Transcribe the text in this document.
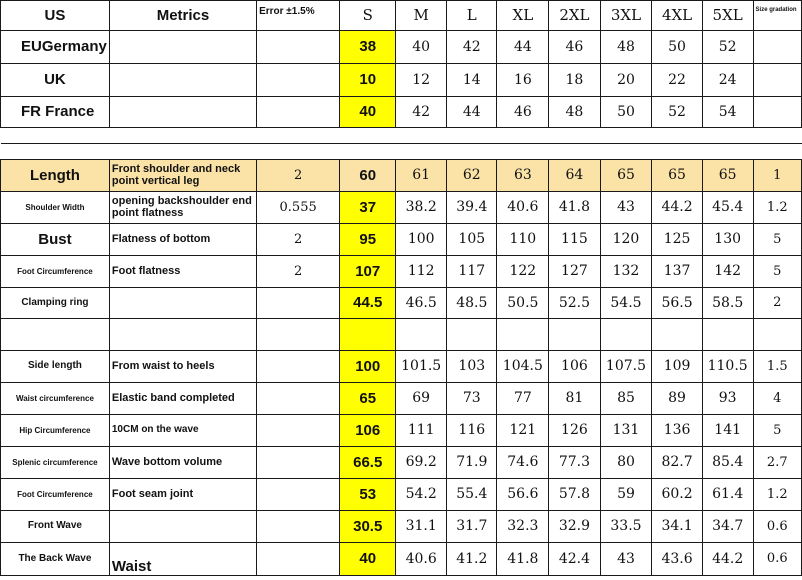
US	Metrics	Error ±1.5%	S	M	L	XL	2XL	3XL	4XL	5XL	Size gradation
EUGermany			38	40	42	44	46	48	50	52	
UK			10	12	14	16	18	20	22	24	
FR France			40	42	44	46	48	50	52	54	

Length	Front shoulder and neck point vertical leg	2	60	61	62	63	64	65	65	65	1
Shoulder Width	opening backshoulder end point flatness	0.555	37	38.2	39.4	40.6	41.8	43	44.2	45.4	1.2
Bust	Flatness of bottom	2	95	100	105	110	115	120	125	130	5
Foot Circumference	Foot flatness	2	107	112	117	122	127	132	137	142	5
Clamping ring			44.5	46.5	48.5	50.5	52.5	54.5	56.5	58.5	2

Side length	From waist to heels		100	101.5	103	104.5	106	107.5	109	110.5	1.5
Waist circumference	Elastic band completed		65	69	73	77	81	85	89	93	4
Hip Circumference	10CM on the wave		106	111	116	121	126	131	136	141	5
Splenic circumference	Wave bottom volume		66.5	69.2	71.9	74.6	77.3	80	82.7	85.4	2.7
Foot Circumference	Foot seam joint		53	54.2	55.4	56.6	57.8	59	60.2	61.4	1.2
Front Wave			30.5	31.1	31.7	32.3	32.9	33.5	34.1	34.7	0.6
The Back Wave	Waist		40	40.6	41.2	41.8	42.4	43	43.6	44.2	0.6
